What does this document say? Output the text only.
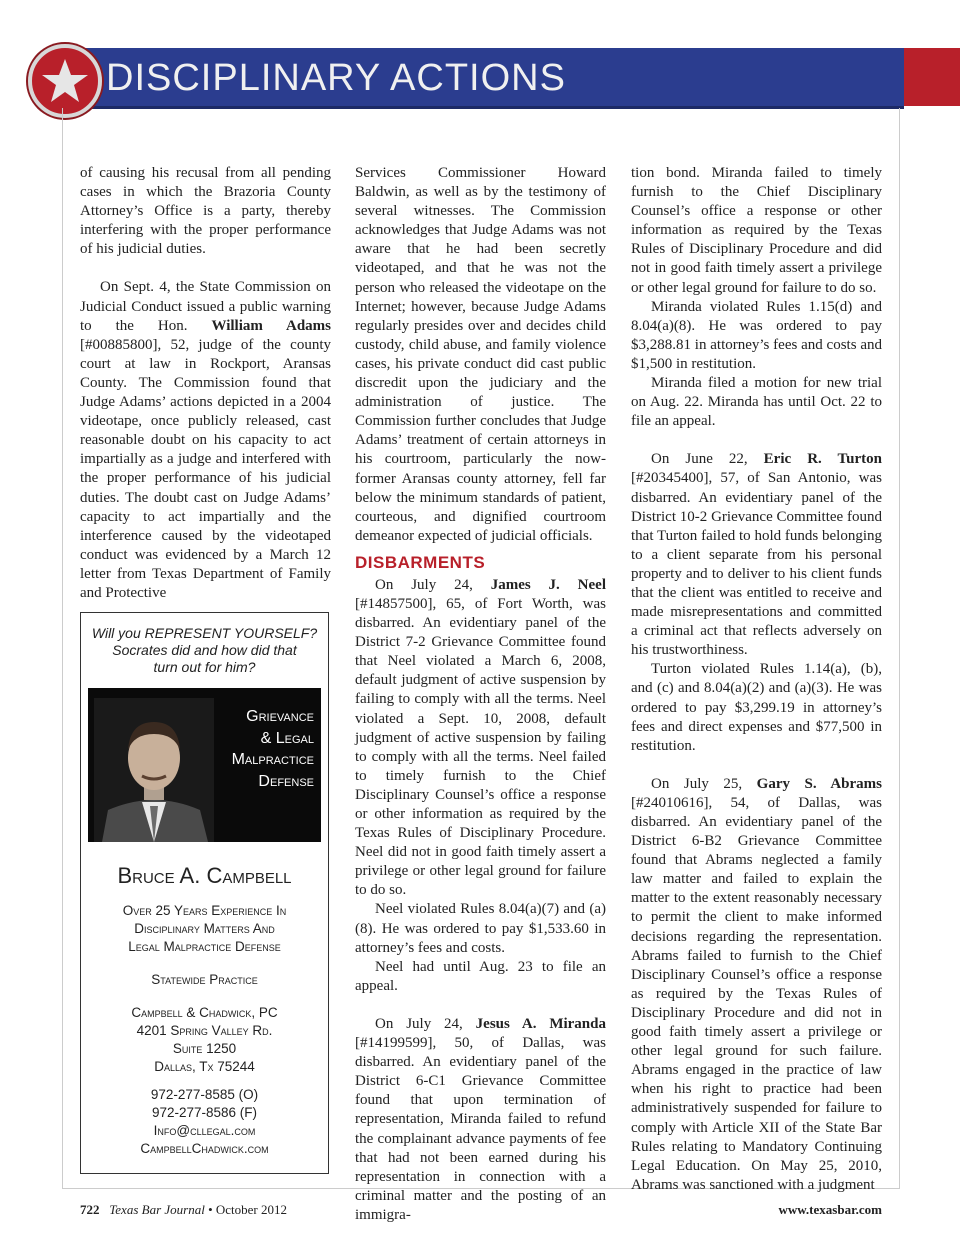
DISCIPLINARY ACTIONS

of causing his recusal from all pending cases in which the Brazoria County Attorney’s Office is a party, thereby interfering with the proper performance of his judicial duties.

On Sept. 4, the State Commission on Judicial Conduct issued a public warning to the Hon. William Adams [#00885800], 52, judge of the county court at law in Rockport, Aransas County. The Commission found that Judge Adams’ actions depicted in a 2004 videotape, once publicly released, cast reasonable doubt on his capacity to act impartially as a judge and interfered with the proper performance of his judicial duties. The doubt cast on Judge Adams’ capacity to act impartially and the interference caused by the videotaped conduct was evidenced by a March 12 letter from Texas Department of Family and Protective

Will you REPRESENT YOURSELF?
Socrates did and how did that
turn out for him?
Grievance
& Legal
Malpractice
Defense
Bruce A. Campbell
Over 25 Years Experience In
Disciplinary Matters And
Legal Malpractice Defense
Statewide Practice
Campbell & Chadwick, PC
4201 Spring Valley Rd.
Suite 1250
Dallas, Tx 75244
972-277-8585 (O)
972-277-8586 (F)
Info@cllegal.com
CampbellChadwick.com

Services Commissioner Howard Baldwin, as well as by the testimony of several witnesses. The Commission acknowledges that Judge Adams was not aware that he had been secretly videotaped, and that he was not the person who released the videotape on the Internet; however, because Judge Adams regularly presides over and decides child custody, child abuse, and family violence cases, his private conduct did cast public discredit upon the judiciary and the administration of justice. The Commission further concludes that Judge Adams’ treatment of certain attorneys in his courtroom, particularly the now-former Aransas county attorney, fell far below the minimum standards of patient, courteous, and dignified courtroom demeanor expected of judicial officials.

DISBARMENTS

On July 24, James J. Neel [#14857500], 65, of Fort Worth, was disbarred. An evidentiary panel of the District 7-2 Grievance Committee found that Neel violated a March 6, 2008, default judgment of active suspension by failing to comply with all the terms. Neel violated a Sept. 10, 2008, default judgment of active suspension by failing to comply with all the terms. Neel failed to timely furnish to the Chief Disciplinary Counsel’s office a response or other information as required by the Texas Rules of Disciplinary Procedure. Neel did not in good faith timely assert a privilege or other legal ground for failure to do so.

Neel violated Rules 8.04(a)(7) and (a)(8). He was ordered to pay $1,533.60 in attorney’s fees and costs.

Neel had until Aug. 23 to file an appeal.

On July 24, Jesus A. Miranda [#14199599], 50, of Dallas, was disbarred. An evidentiary panel of the District 6-C1 Grievance Committee found that upon termination of representation, Miranda failed to refund the complainant advance payments of fee that had not been earned during his representation in connection with a criminal matter and the posting of an immigra-

tion bond. Miranda failed to timely furnish to the Chief Disciplinary Counsel’s office a response or other information as required by the Texas Rules of Disciplinary Procedure and did not in good faith timely assert a privilege or other legal ground for failure to do so.

Miranda violated Rules 1.15(d) and 8.04(a)(8). He was ordered to pay $3,288.81 in attorney’s fees and costs and $1,500 in restitution.

Miranda filed a motion for new trial on Aug. 22. Miranda has until Oct. 22 to file an appeal.

On June 22, Eric R. Turton [#20345400], 57, of San Antonio, was disbarred. An evidentiary panel of the District 10-2 Grievance Committee found that Turton failed to hold funds belonging to a client separate from his personal property and to deliver to his client funds that the client was entitled to receive and made misrepresentations and committed a criminal act that reflects adversely on his trustworthiness.

Turton violated Rules 1.14(a), (b), and (c) and 8.04(a)(2) and (a)(3). He was ordered to pay $3,299.19 in attorney’s fees and direct expenses and $77,500 in restitution.

On July 25, Gary S. Abrams [#24010616], 54, of Dallas, was disbarred. An evidentiary panel of the District 6-B2 Grievance Committee found that Abrams neglected a family law matter and failed to explain the matter to the extent reasonably necessary to permit the client to make informed decisions regarding the representation. Abrams failed to furnish to the Chief Disciplinary Counsel’s office a response as required by the Texas Rules of Disciplinary Procedure and did not in good faith timely assert a privilege or other legal ground for such failure. Abrams engaged in the practice of law when his right to practice had been administratively suspended for failure to comply with Article XII of the State Bar Rules relating to Mandatory Continuing Legal Education. On May 25, 2010, Abrams was sanctioned with a judgment

722 Texas Bar Journal • October 2012	www.texasbar.com
